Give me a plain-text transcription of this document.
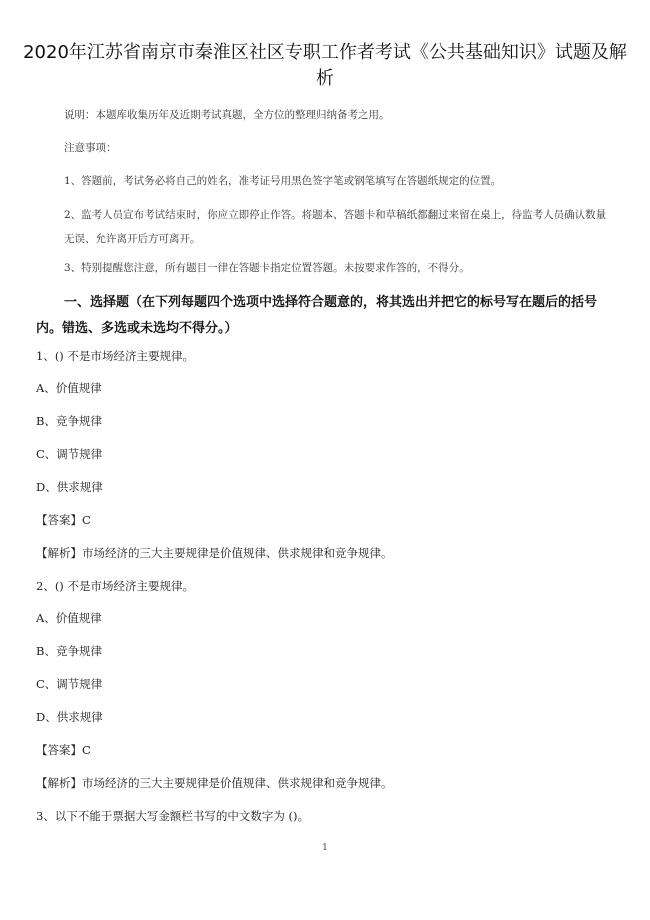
2020年江苏省南京市秦淮区社区专职工作者考试《公共基础知识》试题及解析
说明：本题库收集历年及近期考试真题，全方位的整理归纳备考之用。
注意事项：
1、答题前，考试务必将自己的姓名，准考证号用黑色签字笔或钢笔填写在答题纸规定的位置。
2、监考人员宣布考试结束时，你应立即停止作答。将题本、答题卡和草稿纸都翻过来留在桌上，待监考人员确认数量无误、允许离开后方可离开。
3、特别提醒您注意，所有题目一律在答题卡指定位置答题。未按要求作答的，不得分。
一、选择题（在下列每题四个选项中选择符合题意的，将其选出并把它的标号写在题后的括号内。错选、多选或未选均不得分。）
1、() 不是市场经济主要规律。
A、价值规律
B、竞争规律
C、调节规律
D、供求规律
【答案】C
【解析】市场经济的三大主要规律是价值规律、供求规律和竞争规律。
2、() 不是市场经济主要规律。
A、价值规律
B、竞争规律
C、调节规律
D、供求规律
【答案】C
【解析】市场经济的三大主要规律是价值规律、供求规律和竞争规律。
3、以下不能于票据大写金额栏书写的中文数字为 ()。
1
